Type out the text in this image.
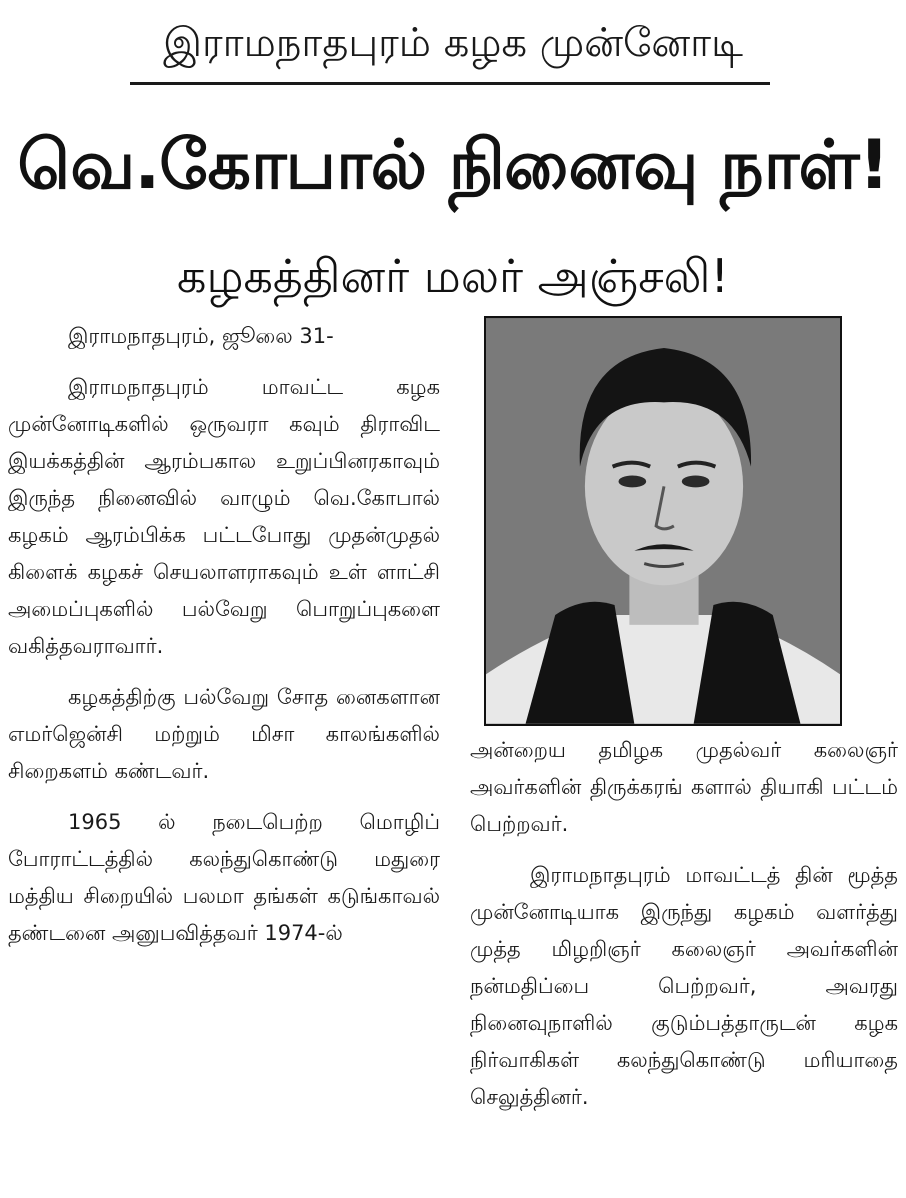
இராமநாதபுரம் கழக முன்னோடி
வெ.கோபால் நினைவு நாள்!
கழகத்தினர் மலர் அஞ்சலி!

இராமநாதபுரம், ஜூலை 31-

இராமநாதபுரம் மாவட்ட கழக முன்னோடிகளில் ஒருவரா கவும் திராவிட இயக்கத்தின் ஆரம்பகால உறுப்பினரகாவும் இருந்த நினைவில் வாழும் வெ.கோபால் கழகம் ஆரம்பிக்க பட்டபோது முதன்முதல் கிளைக் கழகச் செயலாளராகவும் உள் ளாட்சி அமைப்புகளில் பல்வேறு பொறுப்புகளை வகித்தவராவார்.

கழகத்திற்கு பல்வேறு சோத னைகளான எமர்ஜென்சி மற்றும் மிசா காலங்களில் சிறைகளம் கண்டவர்.

1965 ல் நடைபெற்ற மொழிப் போராட்டத்தில் கலந்துகொண்டு மதுரை மத்திய சிறையில் பலமா தங்கள் கடுங்காவல் தண்டனை அனுபவித்தவர் 1974-ல்

அன்றைய தமிழக முதல்வர் கலைஞர் அவர்களின் திருக்கரங் களால் தியாகி பட்டம் பெற்றவர்.

இராமநாதபுரம் மாவட்டத் தின் மூத்த முன்னோடியாக இருந்து கழகம் வளர்த்து முத்த மிழறிஞர் கலைஞர் அவர்களின் நன்மதிப்பை பெற்றவர், அவரது நினைவுநாளில் குடும்பத்தாருடன் கழக நிர்வாகிகள் கலந்துகொண்டு மரியாதை செலுத்தினர்.
